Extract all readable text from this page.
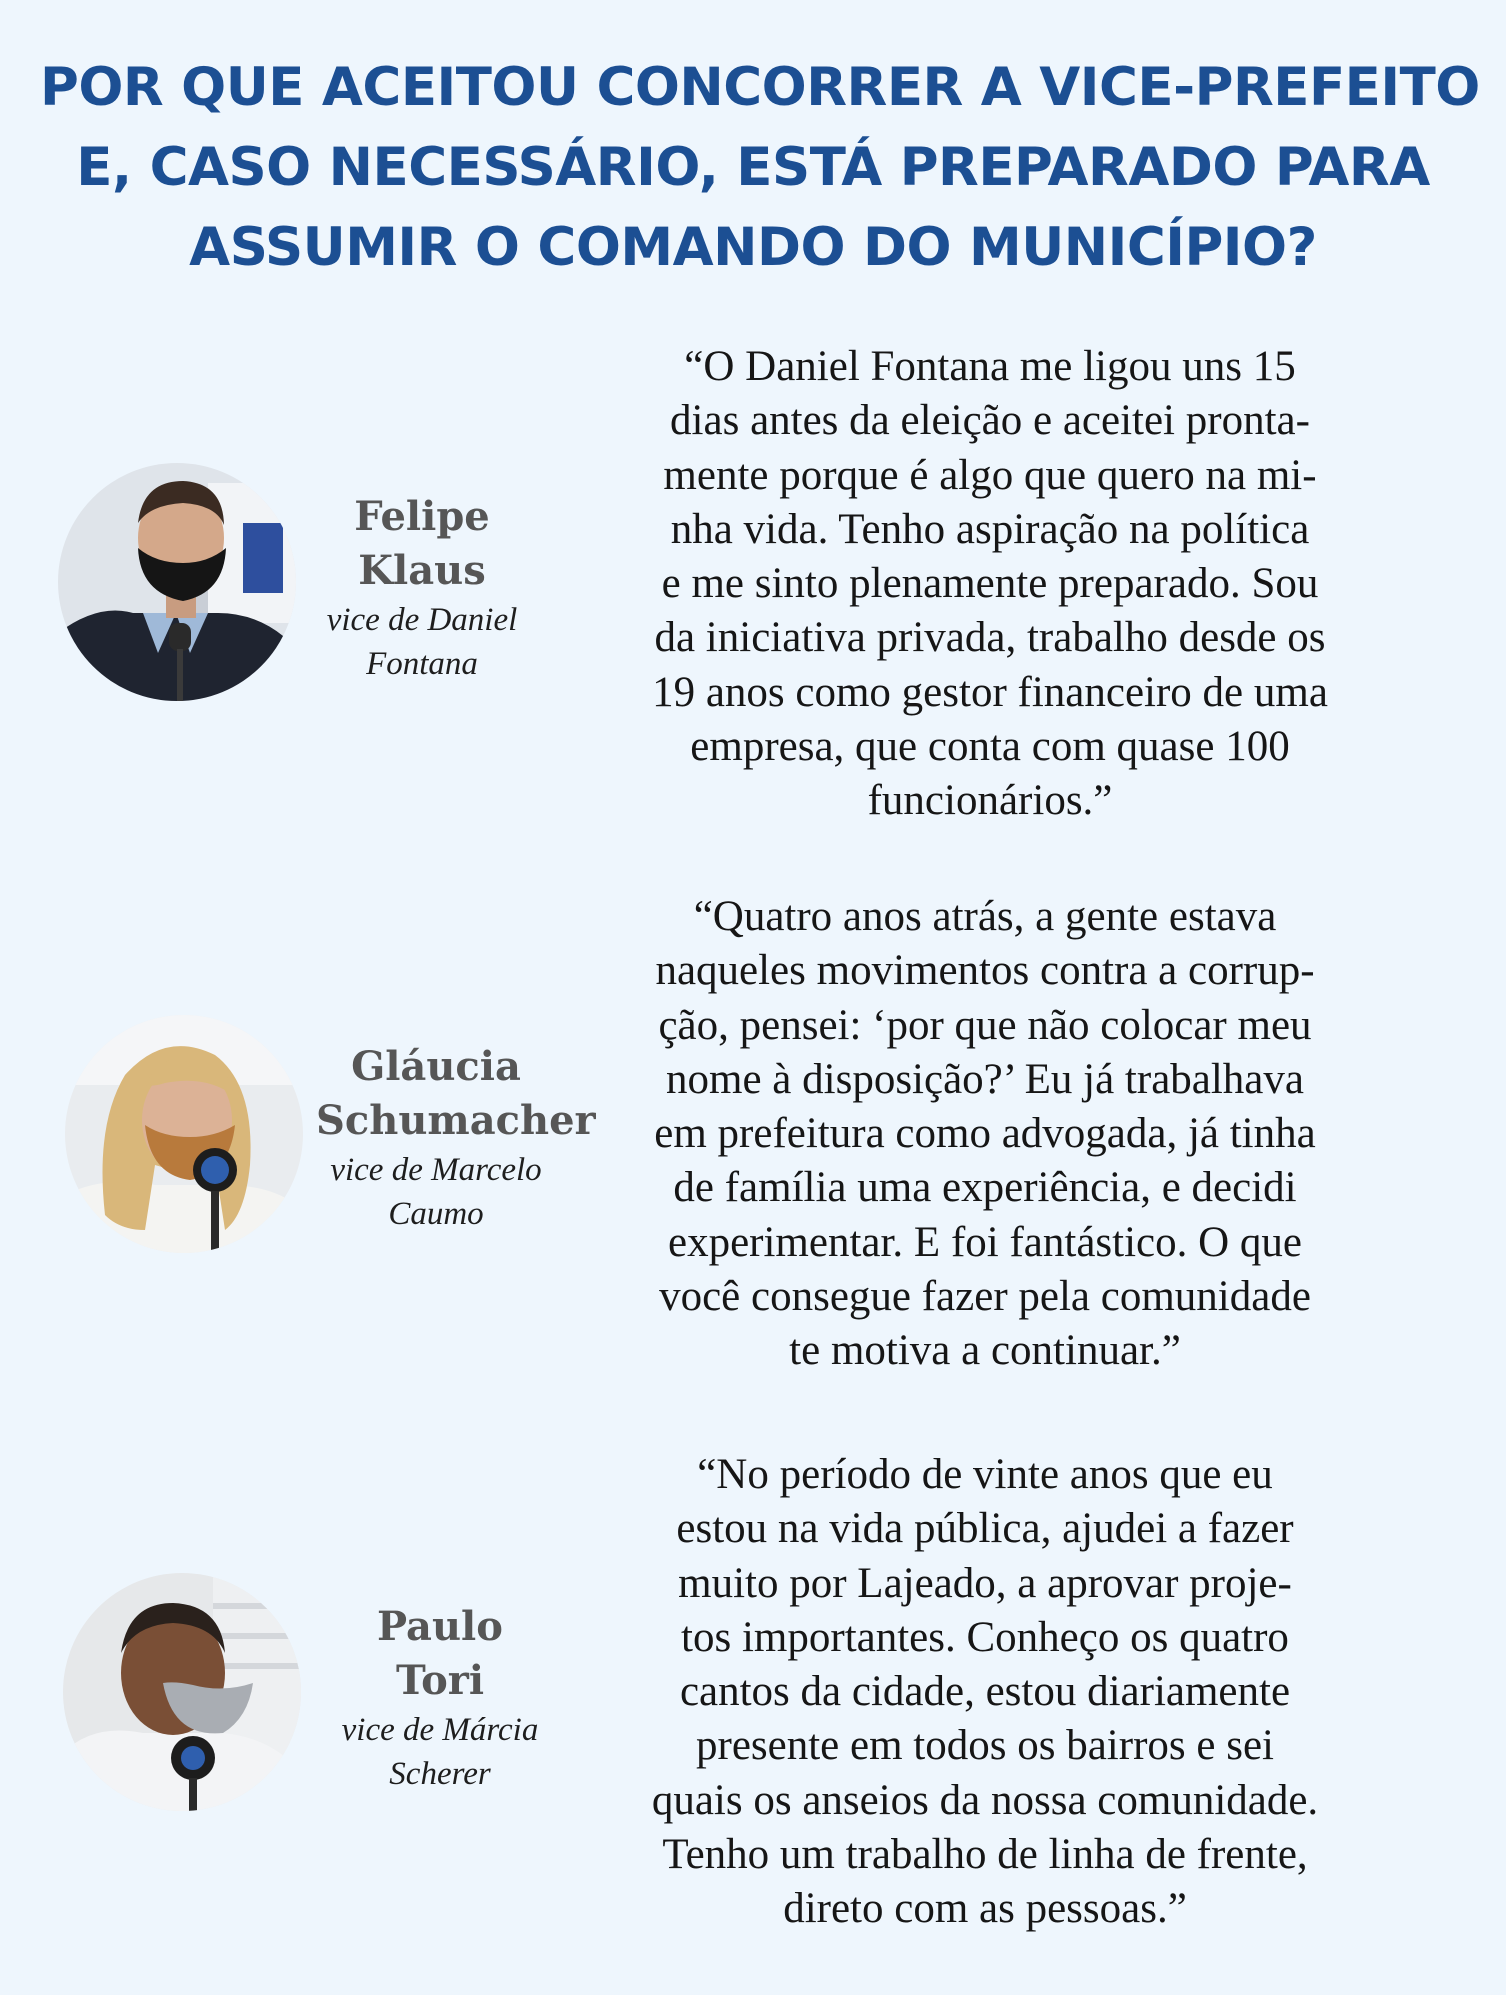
POR QUE ACEITOU CONCORRER A VICE-PREFEITO
E, CASO NECESSÁRIO, ESTÁ PREPARADO PARA
ASSUMIR O COMANDO DO MUNICÍPIO?
Felipe
Klaus
vice de Daniel
Fontana
“O Daniel Fontana me ligou uns 15
dias antes da eleição e aceitei pronta-
mente porque é algo que quero na mi-
nha vida. Tenho aspiração na política
e me sinto plenamente preparado. Sou
da iniciativa privada, trabalho desde os
19 anos como gestor financeiro de uma
empresa, que conta com quase 100
funcionários.”
Gláucia
Schumacher
vice de Marcelo
Caumo
“Quatro anos atrás, a gente estava
naqueles movimentos contra a corrup-
ção, pensei: ‘por que não colocar meu
nome à disposição?’ Eu já trabalhava
em prefeitura como advogada, já tinha
de família uma experiência, e decidi
experimentar. E foi fantástico. O que
você consegue fazer pela comunidade
te motiva a continuar.”
Paulo
Tori
vice de Márcia
Scherer
“No período de vinte anos que eu
estou na vida pública, ajudei a fazer
muito por Lajeado, a aprovar proje-
tos importantes. Conheço os quatro
cantos da cidade, estou diariamente
presente em todos os bairros e sei
quais os anseios da nossa comunidade.
Tenho um trabalho de linha de frente,
direto com as pessoas.”
